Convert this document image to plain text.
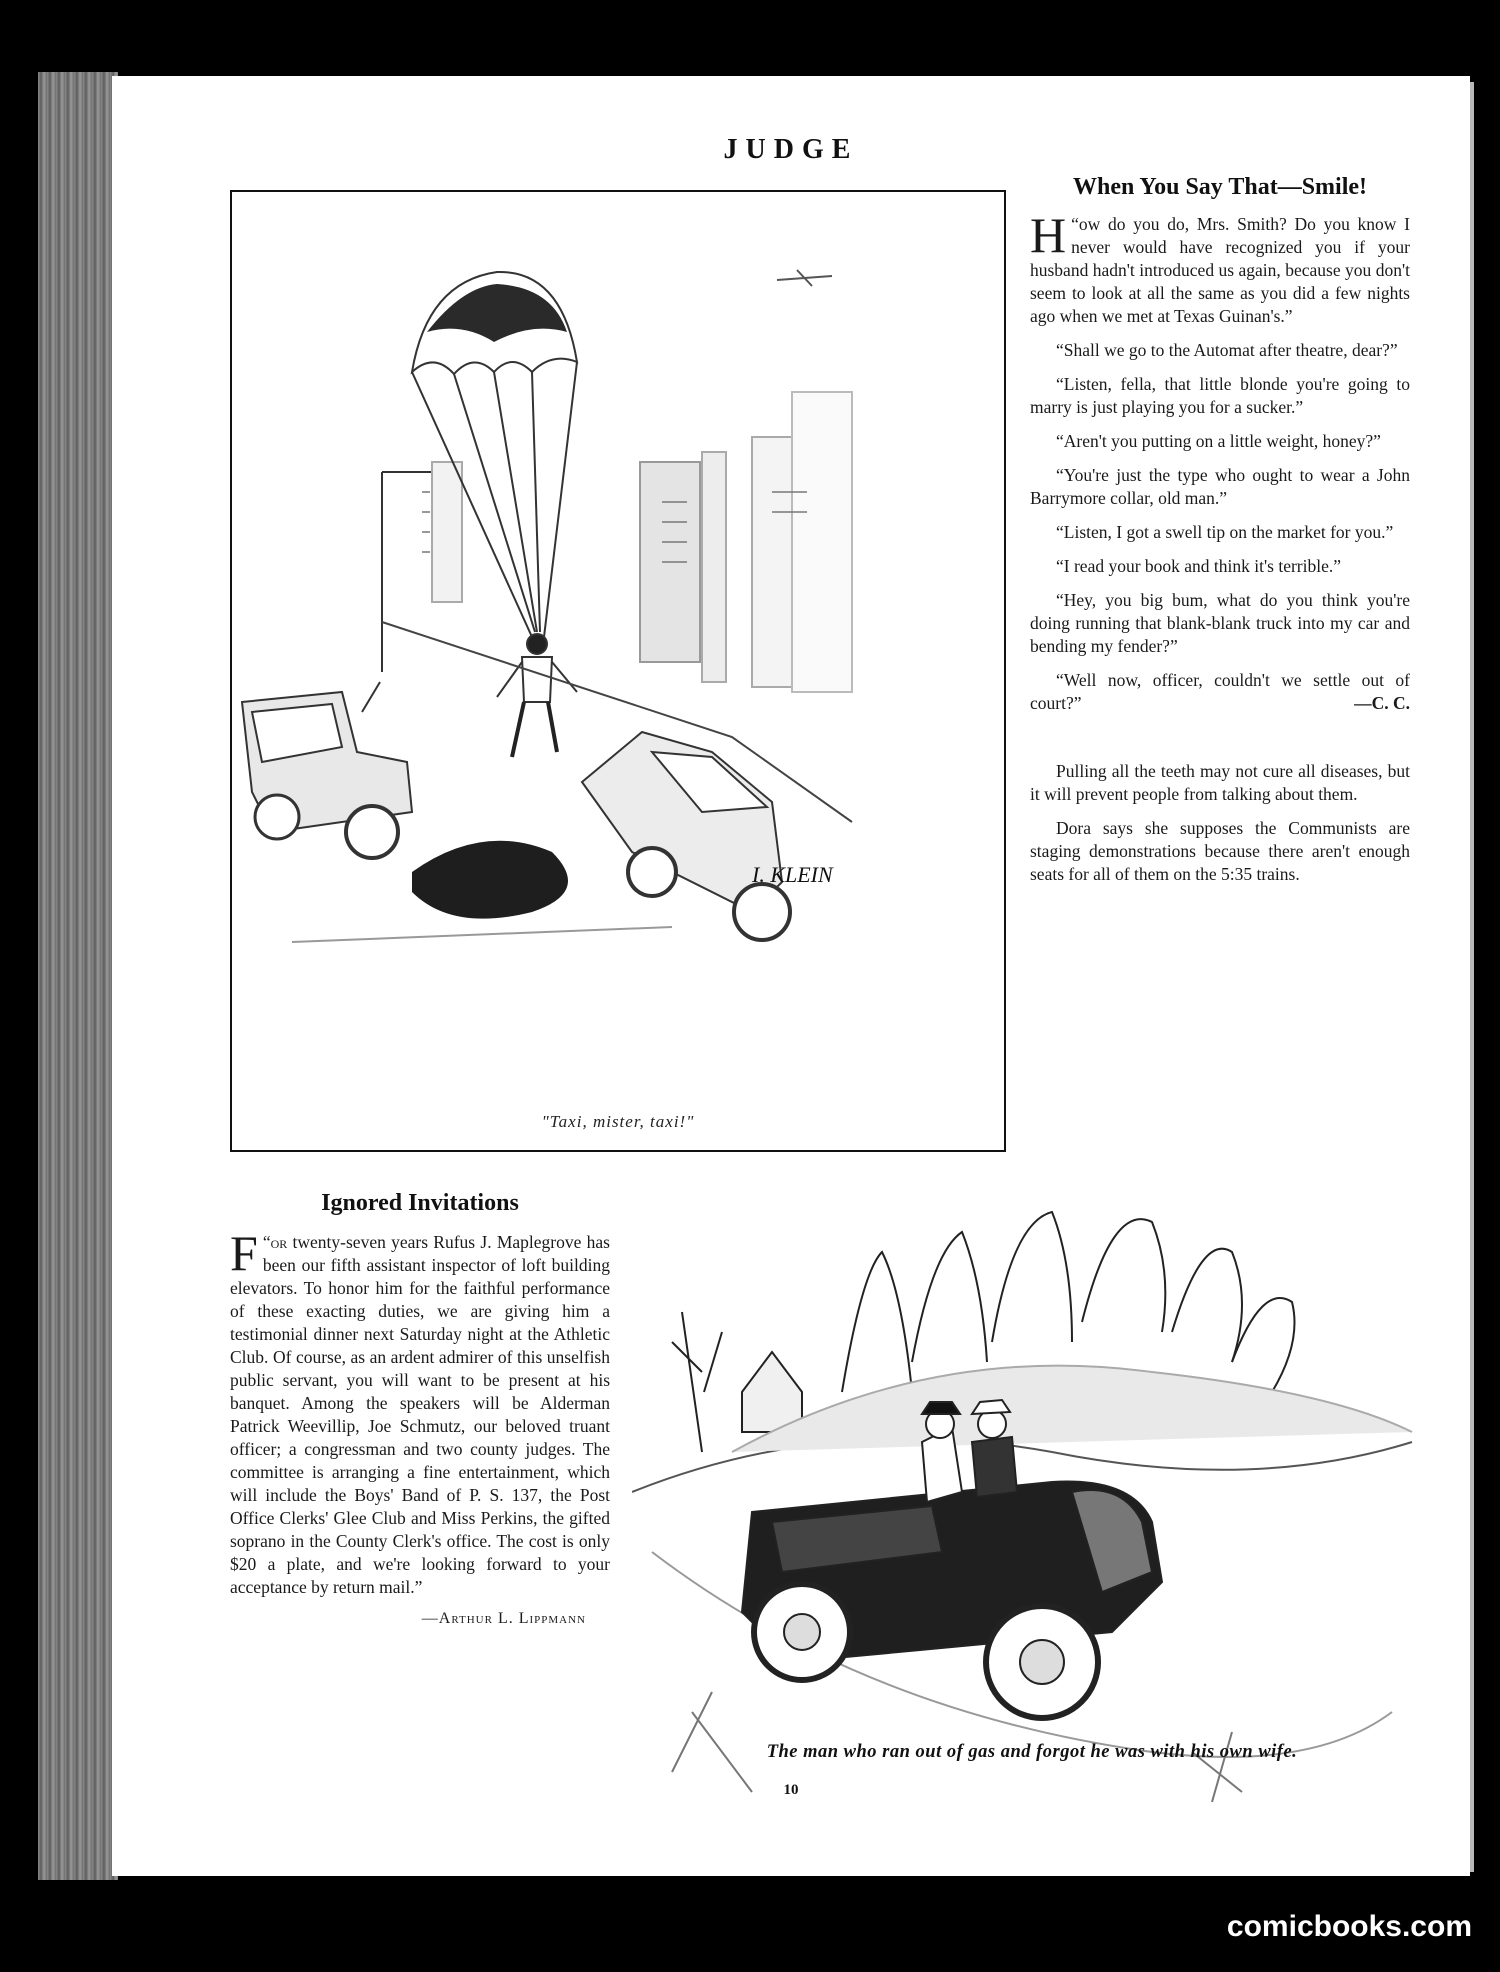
JUDGE
I. KLEIN
"Taxi, mister, taxi!"
When You Say That—Smile!

“
H ow do you do, Mrs. Smith? Do you know I never would have recognized you if your husband hadn't introduced us again, because you don't seem to look at all the same as you did a few nights ago when we met at Texas Guinan's.”

“Shall we go to the Automat after theatre, dear?”

“Listen, fella, that little blonde you're going to marry is just playing you for a sucker.”

“Aren't you putting on a little weight, honey?”

“You're just the type who ought to wear a John Barrymore collar, old man.”

“Listen, I got a swell tip on the market for you.”

“I read your book and think it's terrible.”

“Hey, you big bum, what do you think you're doing running that blank-blank truck into my car and bending my fender?”

“Well now, officer, couldn't we settle out of court?”	—C. C.

Pulling all the teeth may not cure all diseases, but it will prevent people from talking about them.

Dora says she supposes the Communists are staging demonstrations because there aren't enough seats for all of them on the 5:35 trains.

Ignored Invitations

“
F or twenty-seven years Rufus J. Maplegrove has been our fifth assistant inspector of loft building elevators. To honor him for the faithful performance of these exacting duties, we are giving him a testimonial dinner next Saturday night at the Athletic Club. Of course, as an ardent admirer of this unselfish public servant, you will want to be present at his banquet. Among the speakers will be Alderman Patrick Weevillip, Joe Schmutz, our beloved truant officer; a congressman and two county judges. The committee is arranging a fine entertainment, which will include the Boys' Band of P. S. 137, the Post Office Clerks' Glee Club and Miss Perkins, the gifted soprano in the County Clerk's office. The cost is only $20 a plate, and we're looking forward to your acceptance by return mail.”

—Arthur L. Lippmann
The man who ran out of gas and forgot he was with his own wife.
10
comicbooks.com
